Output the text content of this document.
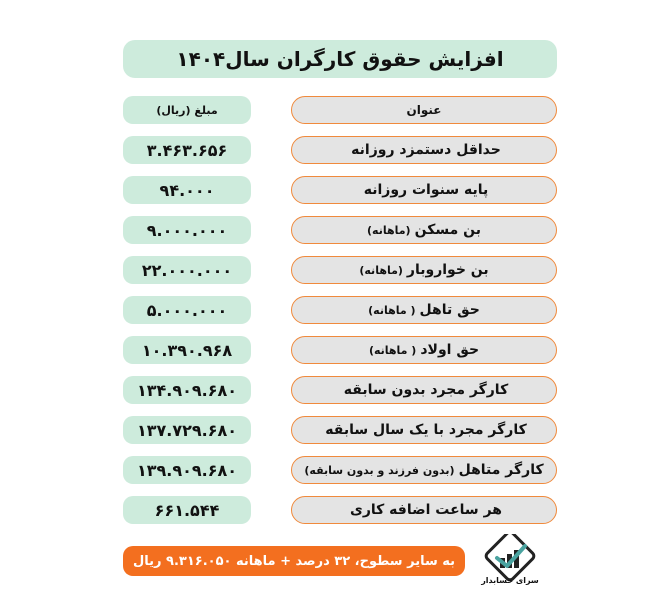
افزایش حقوق کارگران سال۱۴۰۴
عنوان
مبلغ (ریال)
حداقل دستمزد روزانه
۳.۴۶۳.۶۵۶
پایه سنوات روزانه
۹۴.۰۰۰
بن مسکن
(ماهانه)
۹.۰۰۰.۰۰۰
بن خواروبار
(ماهانه)
۲۲.۰۰۰.۰۰۰
حق تاهل
( ماهانه)
۵.۰۰۰.۰۰۰
حق اولاد
( ماهانه)
۱۰.۳۹۰.۹۶۸
کارگر مجرد بدون سابقه
۱۳۴.۹۰۹.۶۸۰
کارگر مجرد با یک سال سابقه
۱۳۷.۷۲۹.۶۸۰
کارگر متاهل
(بدون فرزند و بدون سابقه)
۱۳۹.۹۰۹.۶۸۰
هر ساعت اضافه کاری
۶۶۱.۵۴۴
به سایر سطوح، ۳۲ درصد + ماهانه ۹.۳۱۶.۰۵۰ ریال
سرای حسابدار
